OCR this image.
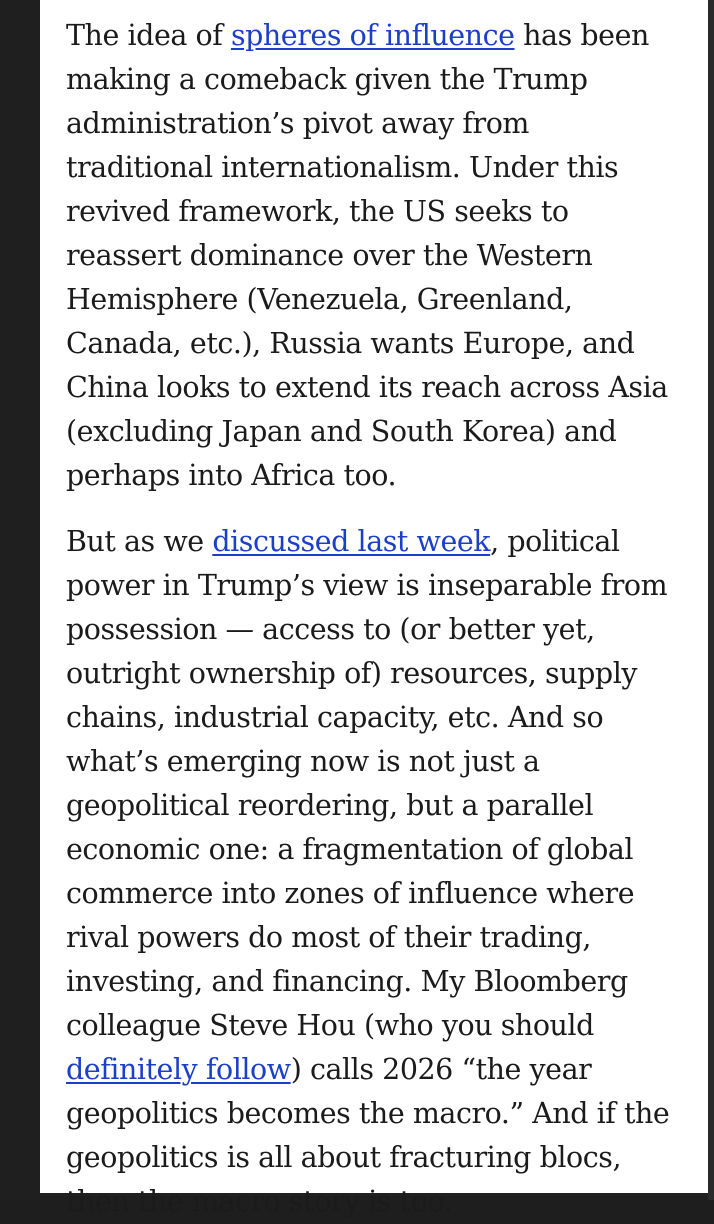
The idea of spheres of influence has been making a comeback given the Trump administration’s pivot away from traditional internationalism. Under this revived framework, the US seeks to reassert dominance over the Western Hemisphere (Venezuela, Greenland, Canada, etc.), Russia wants Europe, and China looks to extend its reach across Asia (excluding Japan and South Korea) and perhaps into Africa too.

But as we discussed last week, political power in Trump’s view is inseparable from possession — access to (or better yet, outright ownership of) resources, supply chains, industrial capacity, etc. And so what’s emerging now is not just a geopolitical reordering, but a parallel economic one: a fragmentation of global commerce into zones of influence where rival powers do most of their trading, investing, and financing. My Bloomberg colleague Steve Hou (who you should definitely follow) calls 2026 “the year geopolitics becomes the macro.” And if the geopolitics is all about fracturing blocs, then the macro story is too.
